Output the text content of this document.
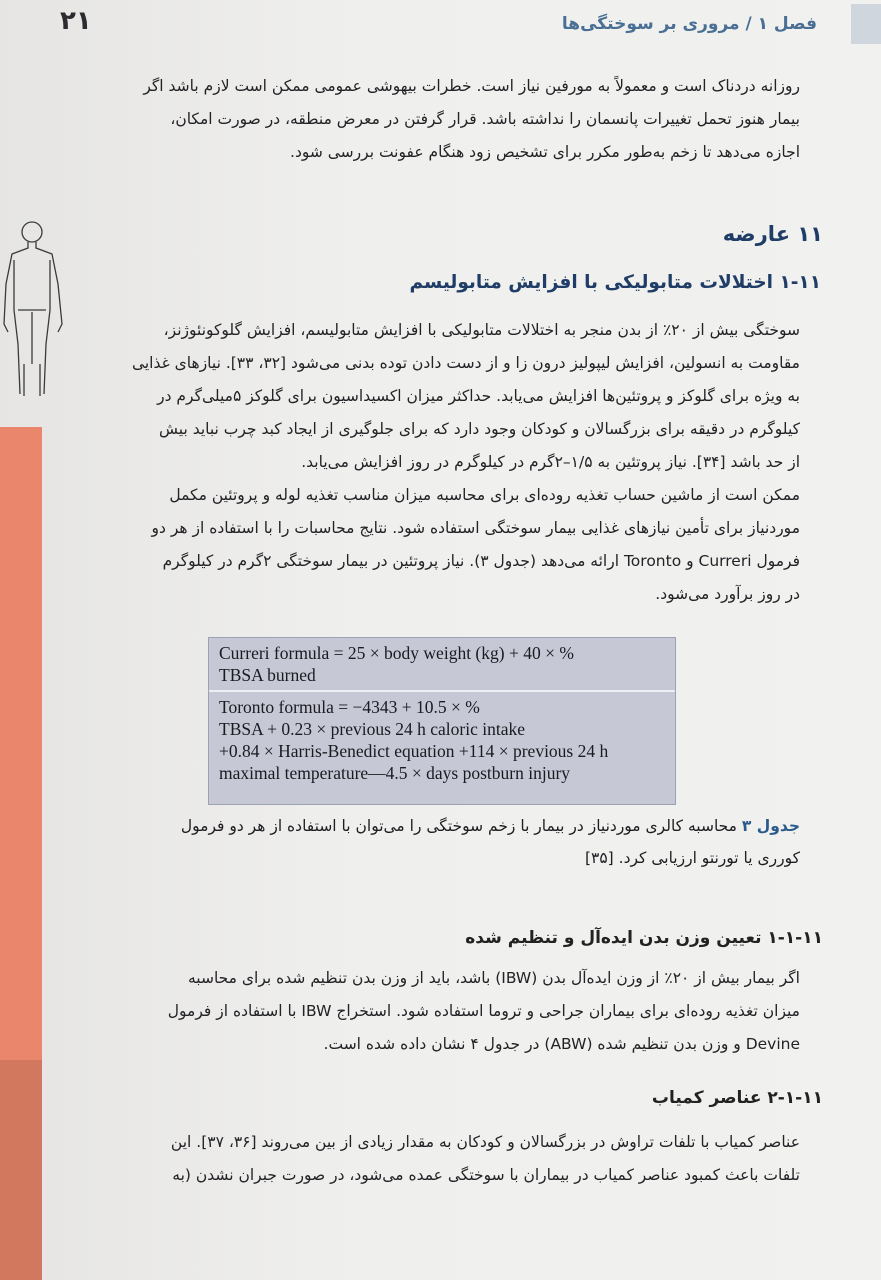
۲۱	فصل ۱ / مروری بر سوختگی‌ها
روزانه دردناک است و معمولاً به مورفین نیاز است. خطرات بیهوشی عمومی ممکن است لازم باشد اگر
بیمار هنوز تحمل تغییرات پانسمان را نداشته باشد. قرار گرفتن در معرض منطقه، در صورت امکان،
اجازه می‌دهد تا زخم به‌طور مکرر برای تشخیص زود هنگام عفونت بررسی شود.
۱۱ عارضه
۱-۱۱ اختلالات متابولیکی با افزایش متابولیسم
سوختگی بیش از ۲۰٪ از بدن منجر به اختلالات متابولیکی با افزایش متابولیسم، افزایش گلوکونئوژنز،
مقاومت به انسولین، افزایش لیپولیز درون زا و از دست دادن توده بدنی می‌شود [۳۲، ۳۳]. نیازهای غذایی
به ویژه برای گلوکز و پروتئین‌ها افزایش می‌یابد. حداکثر میزان اکسیداسیون برای گلوکز ۵میلی‌گرم در
کیلوگرم در دقیقه برای بزرگسالان و کودکان وجود دارد که برای جلوگیری از ایجاد کبد چرب نباید بیش
از حد باشد [۳۴]. نیاز پروتئین به ۱/۵–۲گرم در کیلوگرم در روز افزایش می‌یابد.
ممکن است از ماشین حساب تغذیه روده‌ای برای محاسبه میزان مناسب تغذیه لوله و پروتئین مکمل
موردنیاز برای تأمین نیازهای غذایی بیمار سوختگی استفاده شود. نتایج محاسبات را با استفاده از هر دو
فرمول Curreri و Toronto ارائه می‌دهد (جدول ۳). نیاز پروتئین در بیمار سوختگی ۲گرم در کیلوگرم
در روز برآورد می‌شود.
Curreri formula = 25 × body weight (kg) + 40 × %
TBSA burned
Toronto formula = −4343 + 10.5 × %
TBSA + 0.23 × previous 24 h caloric intake
+0.84 × Harris-Benedict equation +114 × previous 24 h
maximal temperature—4.5 × days postburn injury
جدول ۳ محاسبه کالری موردنیاز در بیمار با زخم سوختگی را می‌توان با استفاده از هر دو فرمول
کورری یا تورنتو ارزیابی کرد. [۳۵]
۱-۱-۱۱ تعیین وزن بدن ایده‌آل و تنظیم شده
اگر بیمار بیش از ۲۰٪ از وزن ایده‌آل بدن (IBW) باشد، باید از وزن بدن تنظیم شده برای محاسبه
میزان تغذیه روده‌ای برای بیماران جراحی و تروما استفاده شود. استخراج IBW با استفاده از فرمول
Devine و وزن بدن تنظیم شده (ABW) در جدول ۴ نشان داده شده است.
۲-۱-۱۱ عناصر کمیاب
عناصر کمیاب با تلفات تراوش در بزرگسالان و کودکان به مقدار زیادی از بین می‌روند [۳۶، ۳۷]. این
تلفات باعث کمبود عناصر کمیاب در بیماران با سوختگی عمده می‌شود، در صورت جبران نشدن (به
